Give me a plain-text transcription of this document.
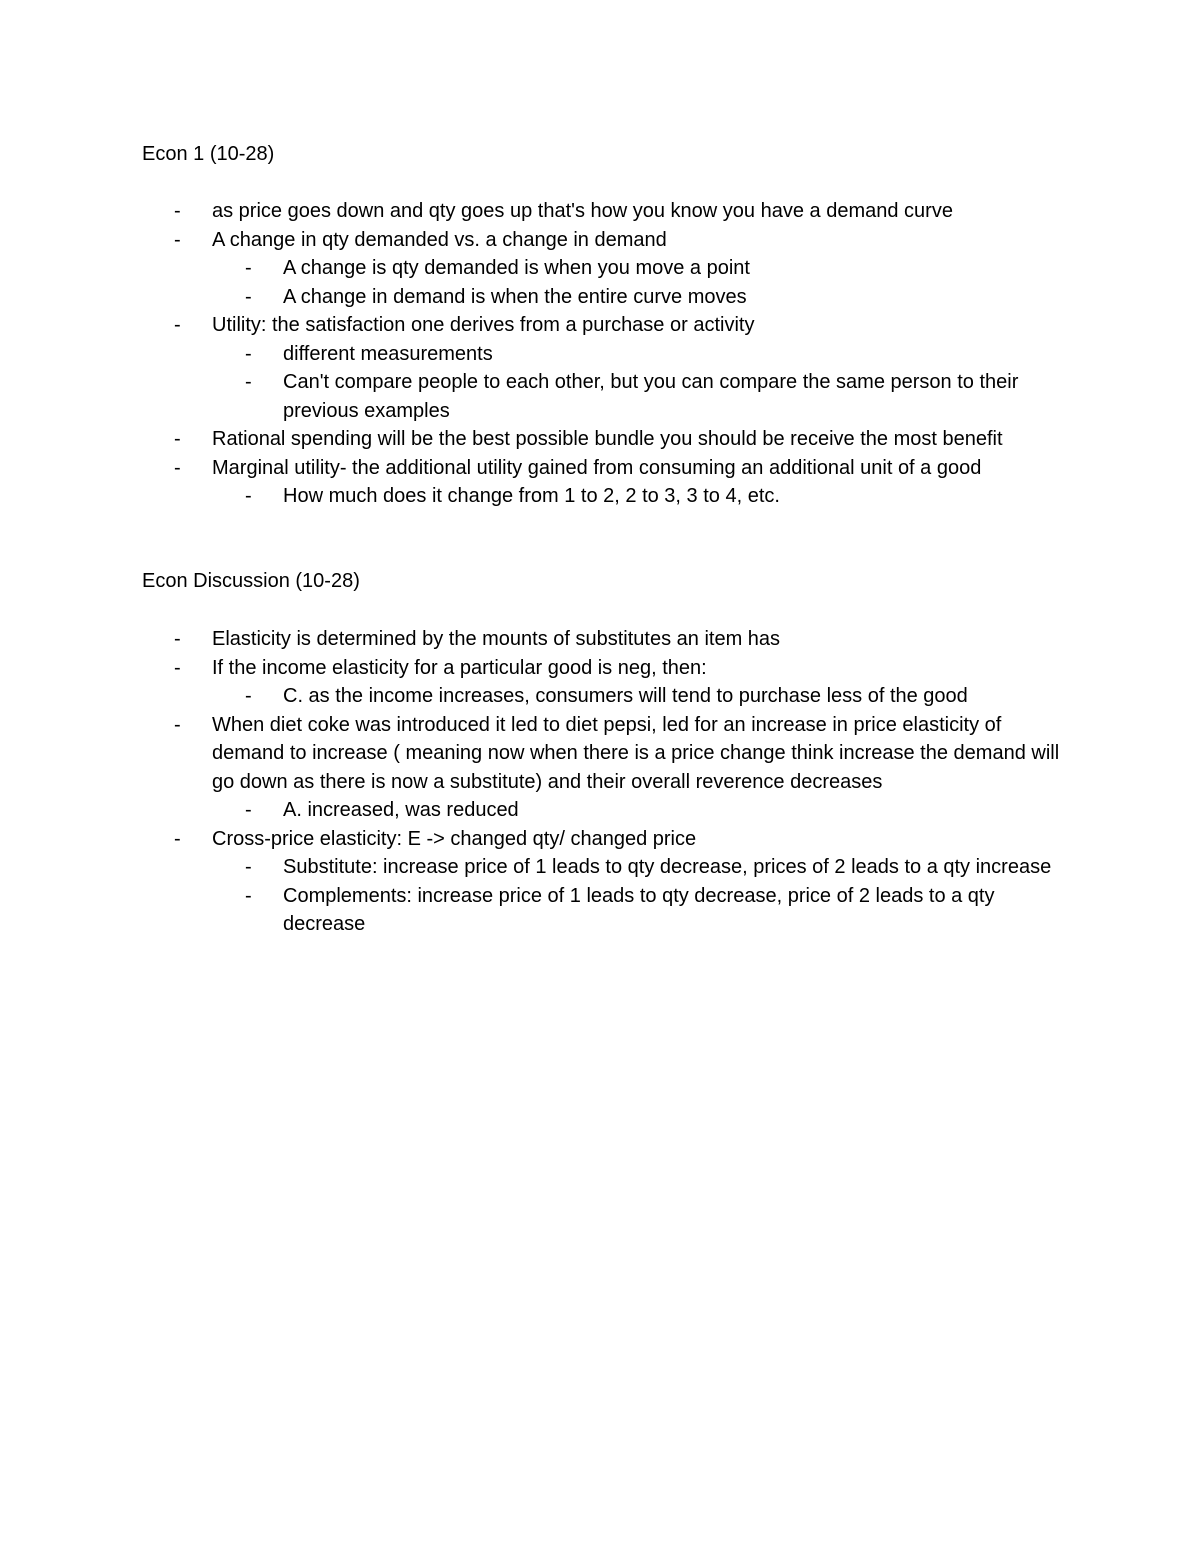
Econ 1 (10-28)
-	as price goes down and qty goes up that's how you know you have a demand curve
-	A change in qty demanded vs. a change in demand
-	A change is qty demanded is when you move a point
-	A change in demand is when the entire curve moves
-	Utility: the satisfaction one derives from a purchase or activity
-	different measurements
-	Can't compare people to each other, but you can compare the same person to their previous examples
-	Rational spending will be the best possible bundle you should be receive the most benefit
-	Marginal utility- the additional utility gained from consuming an additional unit of a good
-	How much does it change from 1 to 2, 2 to 3, 3 to 4, etc.
Econ Discussion (10-28)
-	Elasticity is determined by the mounts of substitutes an item has
-	If the income elasticity for a particular good is neg, then:
-	C. as the income increases, consumers will tend to purchase less of the good
-	When diet coke was introduced it led to diet pepsi, led for an increase in price elasticity of demand to increase ( meaning now when there is a price change think increase the demand will go down as there is now a substitute) and their overall reverence decreases
-	A. increased, was reduced
-	Cross-price elasticity: E -> changed qty/ changed price
-	Substitute: increase price of 1 leads to qty decrease, prices of 2 leads to a qty increase
-	Complements: increase price of 1 leads to qty decrease, price of 2 leads to a qty decrease
